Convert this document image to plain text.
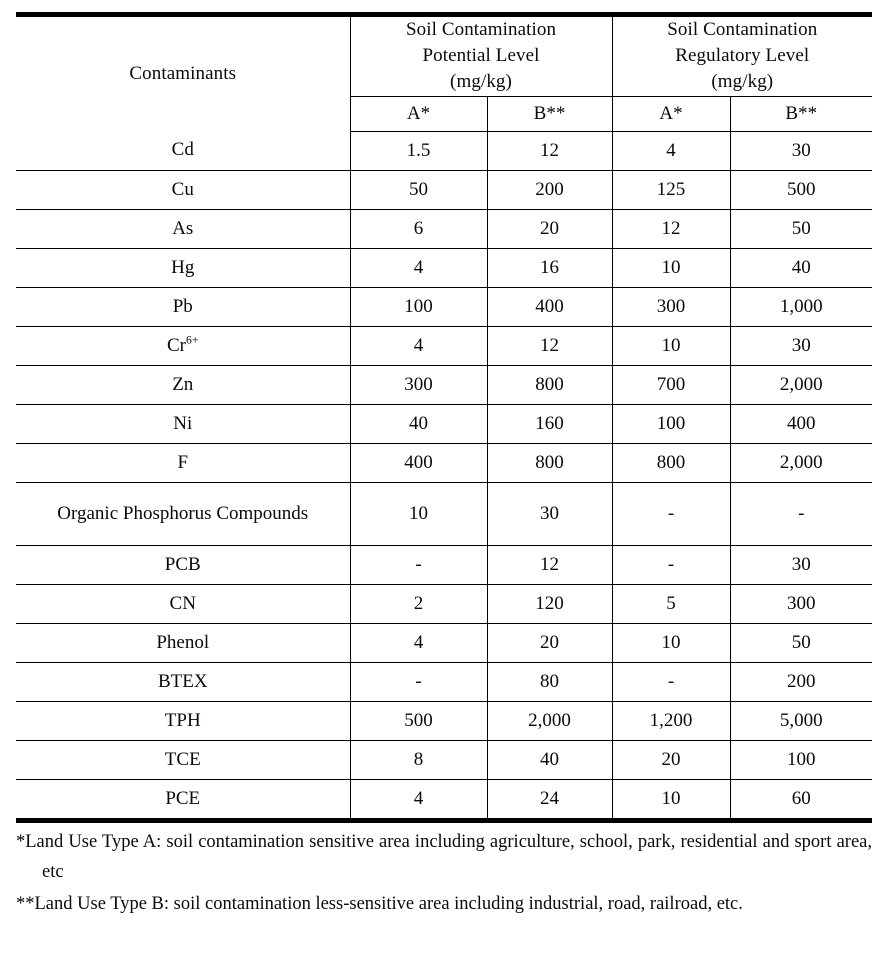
Contaminants	
Soil Contamination
Potential Level
(mg/kg)

Soil Contamination
Regulatory Level
(mg/kg)

	A*	B**	A*	B**
Cd	1.5	12	4	30
Cu	50	200	125	500
As	6	20	12	50
Hg	4	16	10	40
Pb	100	400	300	1,000
$Cr^{6+}$	4	12	10	30
Zn	300	800	700	2,000
Ni	40	160	100	400
F	400	800	800	2,000
Organic Phosphorus Compounds	10	30	-	-
PCB	-	12	-	30
CN	2	120	5	300
Phenol	4	20	10	50
BTEX	-	80	-	200
TPH	500	2,000	1,200	5,000
TCE	8	40	20	100
PCE	4	24	10	60

*Land Use Type A: soil contamination sensitive area including agriculture, school, park, residential and sport area, etc

**Land Use Type B: soil contamination less-sensitive area including industrial, road, railroad, etc.
